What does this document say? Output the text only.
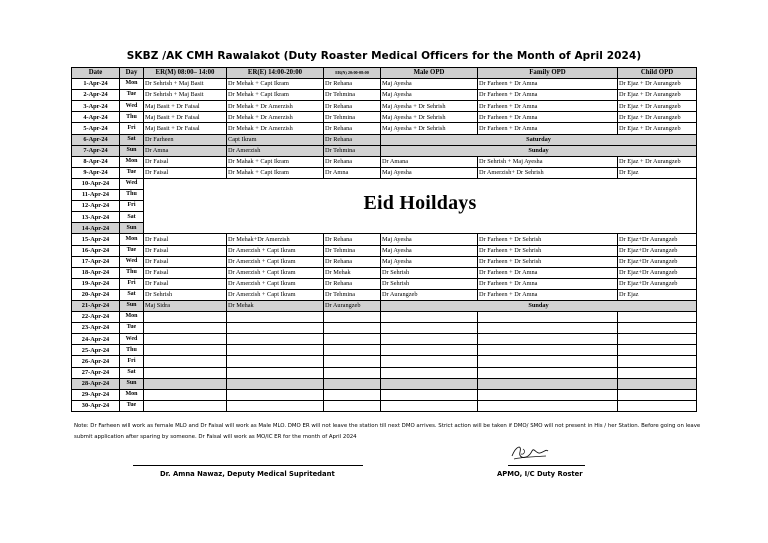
SKBZ /AK CMH Rawalakot (Duty Roaster Medical Officers for the Month of April 2024)
Date	Day	ER(M) 08:00– 14:00	ER(E) 14:00-20:00	ER(N) 20:00-08:00	Male OPD	Family OPD	Child OPD
1-Apr-24	Mon	Dr Sehrish + Maj Basit	Dr Mehak + Capt Ikram	Dr Rehana	Maj Ayesha	Dr Farheen + Dr Amna	Dr Ejaz + Dr Aurangzeb
2-Apr-24	Tue	Dr Sehrish + Maj Basit	Dr Mehak + Capt Ikram	Dr Tehmina	Maj Ayesha	Dr Farheen + Dr Amna	Dr Ejaz + Dr Aurangzeb
3-Apr-24	Wed	Maj Basit + Dr Faisal	Dr Mehak + Dr Amerzish	Dr Rehana	Maj Ayesha + Dr Sehrish	Dr Farheen + Dr Amna	Dr Ejaz + Dr Aurangzeb
4-Apr-24	Thu	Maj Basit + Dr Faisal	Dr Mehak + Dr Amerzish	Dr Tehmina	Maj Ayesha + Dr Sehrish	Dr Farheen + Dr Amna	Dr Ejaz + Dr Aurangzeb
5-Apr-24	Fri	Maj Basit + Dr Faisal	Dr Mehak + Dr Amerzish	Dr Rehana	Maj Ayesha + Dr Sehrish	Dr Farheen + Dr Amna	Dr Ejaz + Dr Aurangzeb
6-Apr-24	Sat	Dr Farheen	Capt Ikram	Dr Rehana	Saturday		
7-Apr-24	Sun	Dr Amna	Dr Amerzish	Dr Tehmina	Sunday		
8-Apr-24	Mon	Dr Faisal	Dr Mahak + Capt Ikram	Dr Rehana	Dr Amana	Dr Sehrish + Maj Ayesha	Dr Ejaz + Dr Aurangzeb
9-Apr-24	Tue	Dr Faisal	Dr Mahak + Capt Ikram	Dr Amna	Maj Ayesha	Dr Amerzish+ Dr Sehrish	Dr Ejaz
10-Apr-24	Wed	Eid Hoildays					
11-Apr-24	Thu						
12-Apr-24	Fri						
13-Apr-24	Sat						
14-Apr-24	Sun						
15-Apr-24	Mon	Dr Faisal	Dr Mehak+Dr Amerzish	Dr Rehana	Maj Ayesha	Dr Farheen + Dr Sehrish	Dr Ejaz+Dr Aurangzeb
16-Apr-24	Tue	Dr Faisal	Dr Amerzish + Capt Ikram	Dr Tehmina	Maj Ayesha	Dr Farheen + Dr Sehrish	Dr Ejaz+Dr Aurangzeb
17-Apr-24	Wed	Dr Faisal	Dr Amerzish + Capt Ikram	Dr Rehana	Maj Ayesha	Dr Farheen + Dr Sehrish	Dr Ejaz+Dr Aurangzeb
18-Apr-24	Thu	Dr Faisal	Dr Amerzish + Capt Ikram	Dr Mehak	Dr Sehrish	Dr Farheen + Dr Amna	Dr Ejaz+Dr Aurangzeb
19-Apr-24	Fri	Dr Faisal	Dr Amerzish + Capt Ikram	Dr Rehana	Dr Sehrish	Dr Farheen + Dr Amna	Dr Ejaz+Dr Aurangzeb
20-Apr-24	Sat	Dr Sehrish	Dr Amerzish + Capt Ikram	Dr Tehmina	Dr Aurangzeb	Dr Farheen + Dr Amna	Dr Ejaz
21-Apr-24	Sun	Maj Sidra	Dr Mehak	Dr Aurangzeb	Sunday		
22-Apr-24	Mon						
23-Apr-24	Tue						
24-Apr-24	Wed						
25-Apr-24	Thu						
26-Apr-24	Fri						
27-Apr-24	Sat						
28-Apr-24	Sun						
29-Apr-24	Mon						
30-Apr-24	Tue						
Note: Dr Farheen will work as female MLO and Dr Faisal will work as Male MLO. DMO ER will not leave the station till next DMO arrives. Strict action will be taken if DMO/ SMO will not present in His / her Station. Before going on leave submit application after sparing by someone. Dr Faisal will work as MO/IC ER for the month of April 2024
Dr. Amna Nawaz, Deputy Medical Supritedant	APMO, I/C Duty Roster
